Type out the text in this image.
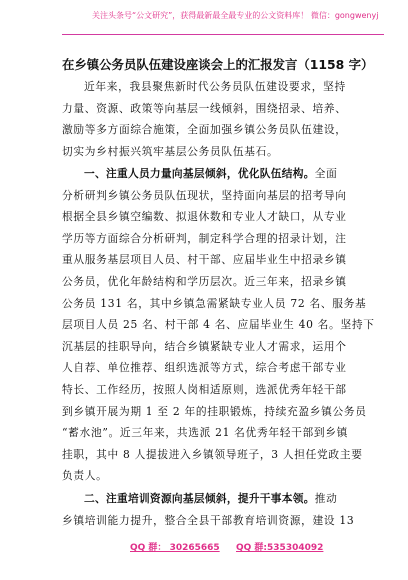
关注头条号“公文研究”，获得最新最全最专业的公文资料库！ 微信：gongwenyj
在乡镇公务员队伍建设座谈会上的汇报发言（1158 字）
近年来，我县聚焦新时代公务员队伍建设要求，坚持
力量、资源、政策等向基层一线倾斜，围绕招录、培养、
激励等多方面综合施策，全面加强乡镇公务员队伍建设，
切实为乡村振兴筑牢基层公务员队伍基石。
一、注重人员力量向基层倾斜，优化队伍结构。全面
分析研判乡镇公务员队伍现状，坚持面向基层的招考导向
根据全县乡镇空编数、拟退休数和专业人才缺口，从专业
学历等方面综合分析研判，制定科学合理的招录计划，注
重从服务基层项目人员、村干部、应届毕业生中招录乡镇
公务员，优化年龄结构和学历层次。近三年来，招录乡镇
公务员 131 名，其中乡镇急需紧缺专业人员 72 名、服务基
层项目人员 25 名、村干部 4 名、应届毕业生 40 名。坚持下
沉基层的挂职导向，结合乡镇紧缺专业人才需求，运用个
人自荐、单位推荐、组织选派等方式，综合考虑干部专业
特长、工作经历，按照人岗相适原则，选派优秀年轻干部
到乡镇开展为期 1 至 2 年的挂职锻炼，持续充盈乡镇公务员
“蓄水池”。近三年来，共选派 21 名优秀年轻干部到乡镇
挂职，其中 8 人提拔进入乡镇领导班子，3 人担任党政主要
负责人。
二、注重培训资源向基层倾斜，提升干事本领。推动
乡镇培训能力提升，整合全县干部教育培训资源，建设 13
QQ 群： 30265665 QQ 群:535304092
